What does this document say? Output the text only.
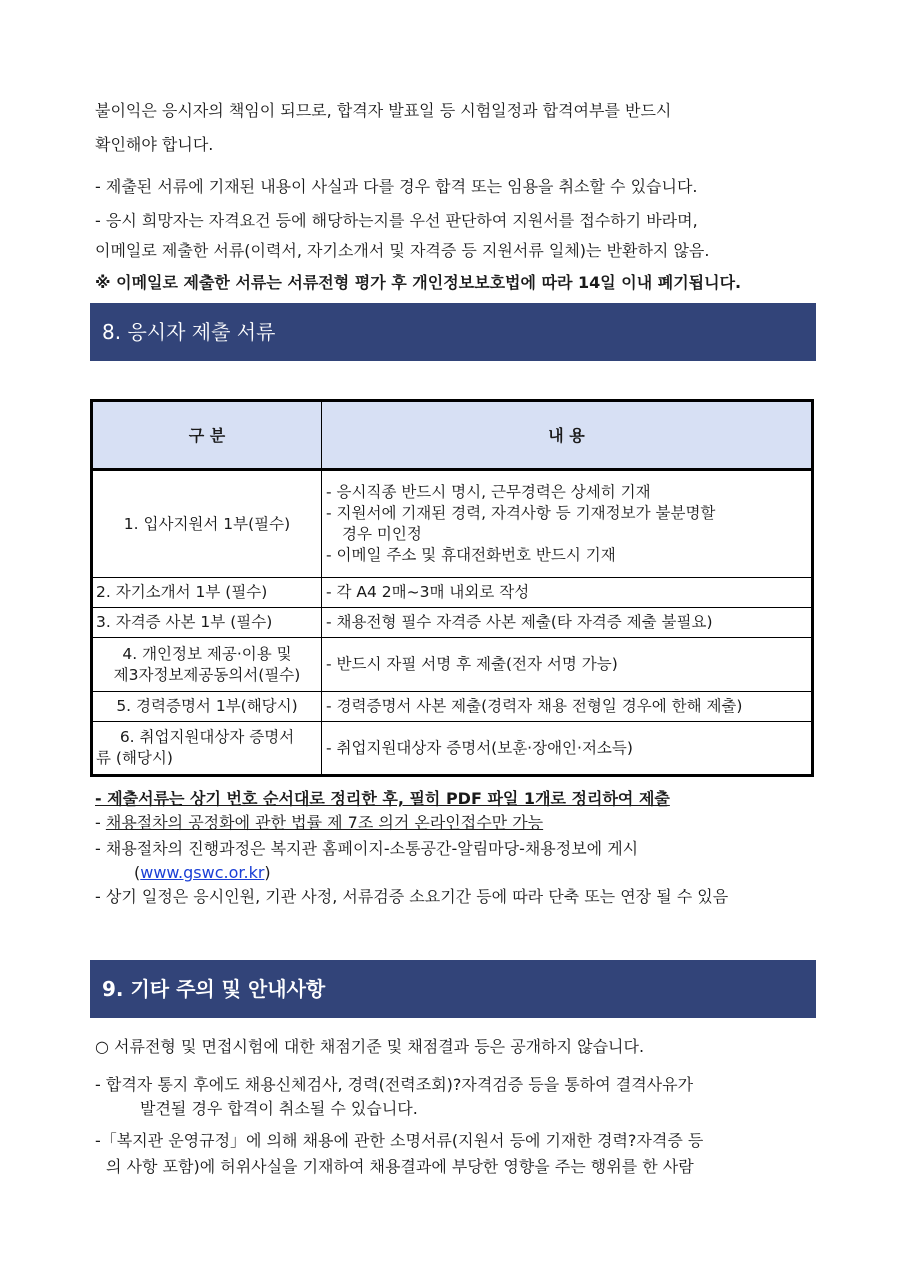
불이익은 응시자의 책임이 되므로, 합격자 발표일 등 시험일정과 합격여부를 반드시
확인해야 합니다.
- 제출된 서류에 기재된 내용이 사실과 다를 경우 합격 또는 임용을 취소할 수 있습니다.
- 응시 희망자는 자격요건 등에 해당하는지를 우선 판단하여 지원서를 접수하기 바라며,
이메일로 제출한 서류(이력서, 자기소개서 및 자격증 등 지원서류 일체)는 반환하지 않음.
※ 이메일로 제출한 서류는 서류전형 평가 후 개인정보보호법에 따라 14일 이내 폐기됩니다.
8. 응시자 제출 서류
구 분	내 용
1. 입사지원서 1부(필수)	- 응시직종 반드시 명시, 근무경력은 상세히 기재
- 지원서에 기재된 경력, 자격사항 등 기재정보가 불분명할
경우 미인정
- 이메일 주소 및 휴대전화번호 반드시 기재

2. 자기소개서 1부 (필수)	- 각 A4 2매~3매 내외로 작성
3. 자격증 사본 1부 (필수)	- 채용전형 필수 자격증 사본 제출(타 자격증 제출 불필요)

4. 개인정보 제공·이용 및
제3자정보제공동의서(필수)	- 반드시 자필 서명 후 제출(전자 서명 가능)
5. 경력증명서 1부(해당시)	- 경력증명서 사본 제출(경력자 채용 전형일 경우에 한해 제출)

6. 취업지원대상자 증명서
류 (해당시)	- 취업지원대상자 증명서(보훈·장애인·저소득)
- 제출서류는 상기 번호 순서대로 정리한 후, 필히 PDF 파일 1개로 정리하여 제출
- 채용절차의 공정화에 관한 법률 제 7조 의거 온라인접수만 가능
- 채용절차의 진행과정은 복지관 홈페이지-소통공간-알림마당-채용정보에 게시
(www.gswc.or.kr)
- 상기 일정은 응시인원, 기관 사정, 서류검증 소요기간 등에 따라 단축 또는 연장 될 수 있음
9. 기타 주의 및 안내사항
○ 서류전형 및 면접시험에 대한 채점기준 및 채점결과 등은 공개하지 않습니다.
- 합격자 통지 후에도 채용신체검사, 경력(전력조회)?자격검증 등을 통하여 결격사유가
발견될 경우 합격이 취소될 수 있습니다.
-「복지관 운영규정」에 의해 채용에 관한 소명서류(지원서 등에 기재한 경력?자격증 등
의 사항 포함)에 허위사실을 기재하여 채용결과에 부당한 영향을 주는 행위를 한 사람
